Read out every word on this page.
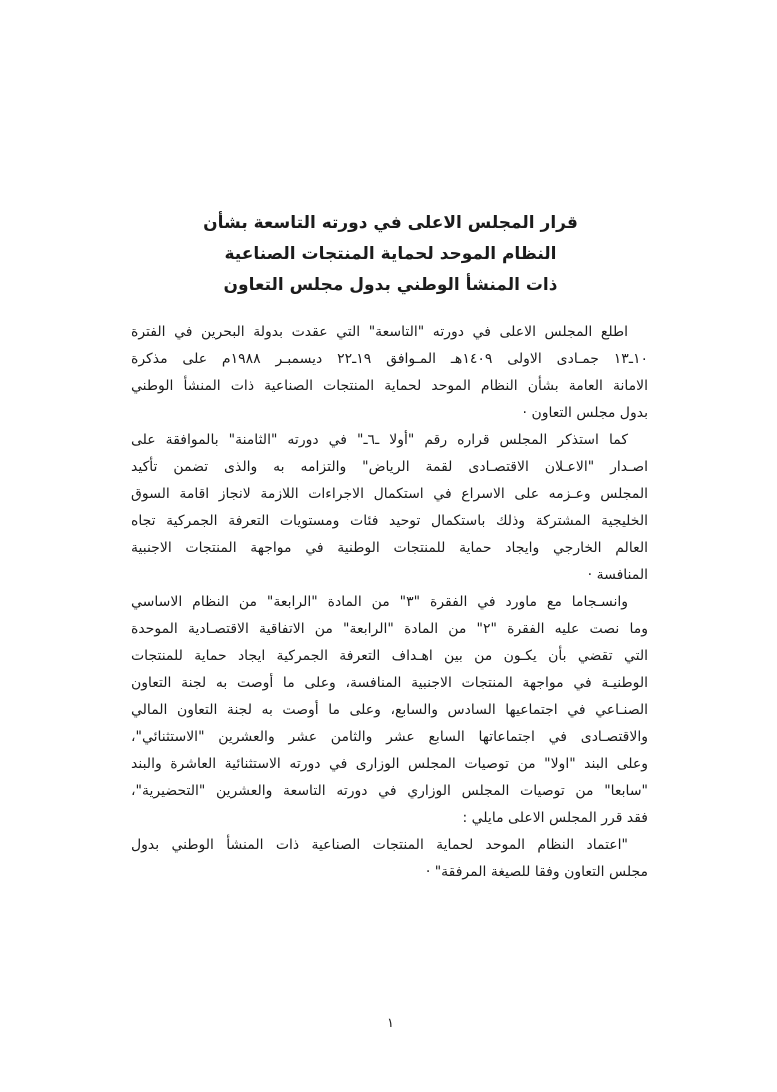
قرار المجلس الاعلى في دورته التاسعة بشأن
النظام الموحد لحماية المنتجات الصناعية
ذات المنشأ الوطني بدول مجلس التعاون
اطلع المجلس الاعلى في دورته "التاسعة" التي عقدت بدولة البحرين في الفترة
١٠ـ١٣ جمـادى الاولى ١٤٠٩هـ المـوافق ١٩ـ٢٢ ديسمبـر ١٩٨٨م على مذكرة
الامانة العامة بشأن النظام الموحد لحماية المنتجات الصناعية ذات المنشأ الوطني
بدول مجلس التعاون ·
كما استذكر المجلس قراره رقم "أولا ـ٦ـ" في دورته "الثامنة" بالموافقة على
اصـدار "الاعـلان الاقتصـادى لقمة الرياض" والتزامه به والذى تضمن تأكيد
المجلس وعـزمه على الاسراع في استكمال الاجراءات اللازمة لانجاز اقامة السوق
الخليجية المشتركة وذلك باستكمال توحيد فئات ومستويات التعرفة الجمركية تجاه
العالم الخارجي وايجاد حماية للمنتجات الوطنية في مواجهة المنتجات الاجنبية
المنافسة ·
وانسـجاما مع ماورد في الفقرة "٣" من المادة "الرابعة" من النظام الاساسي
وما نصت عليه الفقرة "٢" من المادة "الرابعة" من الاتفاقية الاقتصـادية الموحدة
التي تقضي بأن يكـون من بين اهـداف التعرفة الجمركية ايجاد حماية للمنتجات
الوطنيـة في مواجهة المنتجات الاجنبية المنافسة، وعلى ما أوصت به لجنة التعاون
الصنـاعي في اجتماعيها السادس والسابع، وعلى ما أوصت به لجنة التعاون المالي
والاقتصـادى في اجتماعاتها السابع عشر والثامن عشر والعشرين "الاستثنائي"،
وعلى البند "اولا" من توصيات المجلس الوزارى في دورته الاستثنائية العاشرة والبند
"سابعا" من توصيات المجلس الوزاري في دورته التاسعة والعشرين "التحضيرية"،
فقد قرر المجلس الاعلى مايلي :
"اعتماد النظام الموحد لحماية المنتجات الصناعية ذات المنشأ الوطني بدول
مجلس التعاون وفقا للصيغة المرفقة" ·
١
